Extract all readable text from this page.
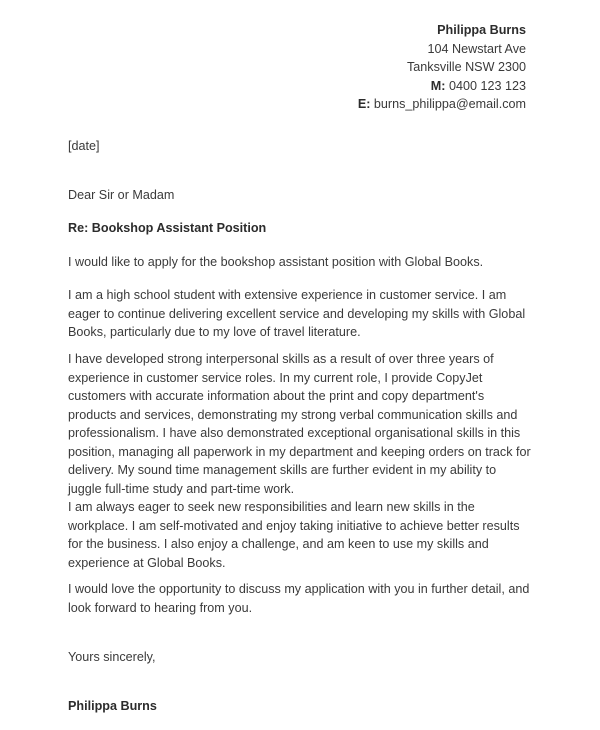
Philippa Burns
104 Newstart Ave
Tanksville NSW 2300
M: 0400 123 123
E: burns_philippa@email.com

[date]

Dear Sir or Madam

Re: Bookshop Assistant Position

I would like to apply for the bookshop assistant position with Global Books.

I am a high school student with extensive experience in customer service. I am eager to continue delivering excellent service and developing my skills with Global Books, particularly due to my love of travel literature.

I have developed strong interpersonal skills as a result of over three years of experience in customer service roles. In my current role, I provide CopyJet customers with accurate information about the print and copy department's products and services, demonstrating my strong verbal communication skills and professionalism. I have also demonstrated exceptional organisational skills in this position, managing all paperwork in my department and keeping orders on track for delivery. My sound time management skills are further evident in my ability to juggle full-time study and part-time work.

I am always eager to seek new responsibilities and learn new skills in the workplace. I am self-motivated and enjoy taking initiative to achieve better results for the business. I also enjoy a challenge, and am keen to use my skills and experience at Global Books.

I would love the opportunity to discuss my application with you in further detail, and look forward to hearing from you.

Yours sincerely,

Philippa Burns
